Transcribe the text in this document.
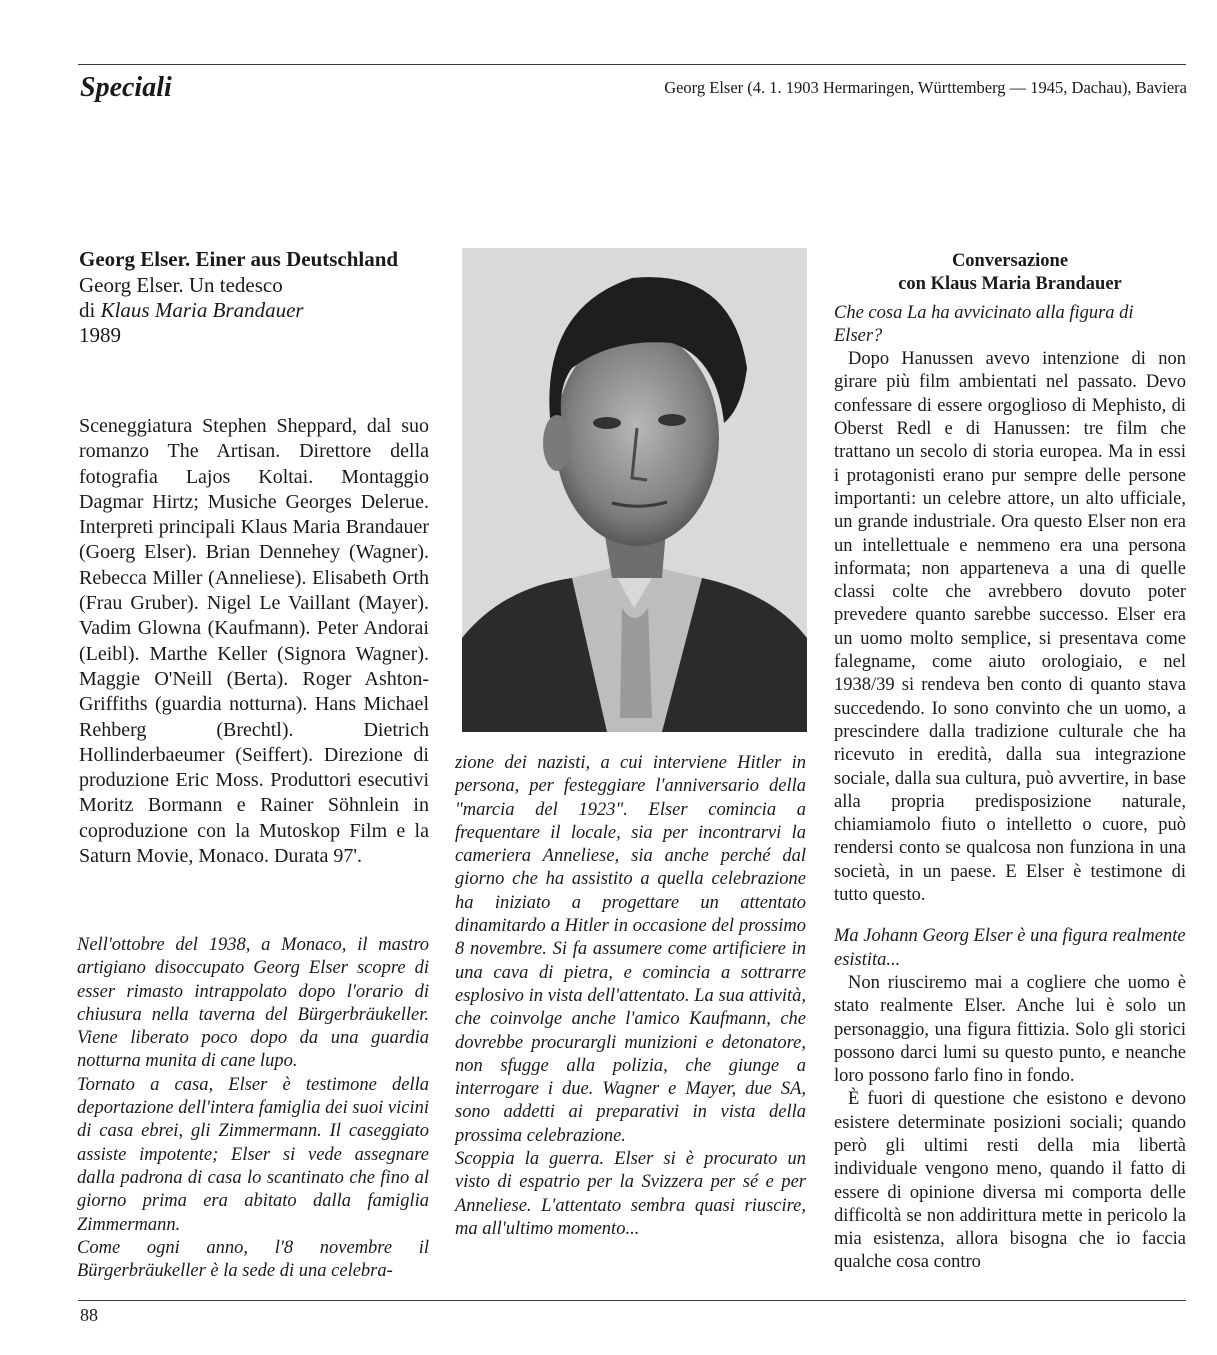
Speciali	Georg Elser (4. 1. 1903 Hermaringen, Württemberg — 1945, Dachau), Baviera

Georg Elser. Einer aus Deutschland

Georg Elser. Un tedesco

di Klaus Maria Brandauer

1989

Sceneggiatura Stephen Sheppard, dal suo romanzo The Artisan. Direttore della fotografia Lajos Koltai. Montaggio Dagmar Hirtz; Musiche Georges Delerue. Interpreti principali Klaus Maria Brandauer (Goerg Elser). Brian Dennehey (Wagner). Rebecca Miller (Anneliese). Elisabeth Orth (Frau Gruber). Nigel Le Vaillant (Mayer). Vadim Glowna (Kaufmann). Peter Andorai (Leibl). Marthe Keller (Signora Wagner). Maggie O'Neill (Berta). Roger Ashton-Griffiths (guardia notturna). Hans Michael Rehberg (Brechtl). Dietrich Hollinderbaeumer (Seiffert). Direzione di produzione Eric Moss. Produttori esecutivi Moritz Bormann e Rainer Söhnlein in coproduzione con la Mutoskop Film e la Saturn Movie, Monaco. Durata 97'.

Nell'ottobre del 1938, a Monaco, il mastro artigiano disoccupato Georg Elser scopre di esser rimasto intrappolato dopo l'orario di chiusura nella taverna del Bürgerbräukeller. Viene liberato poco dopo da una guardia notturna munita di cane lupo.

Tornato a casa, Elser è testimone della deportazione dell'intera famiglia dei suoi vicini di casa ebrei, gli Zimmermann. Il caseggiato assiste impotente; Elser si vede assegnare dalla padrona di casa lo scantinato che fino al giorno prima era abitato dalla famiglia Zimmermann.

Come ogni anno, l'8 novembre il Bürgerbräukeller è la sede di una celebra-

zione dei nazisti, a cui interviene Hitler in persona, per festeggiare l'anniversario della "marcia del 1923". Elser comincia a frequentare il locale, sia per incontrarvi la cameriera Anneliese, sia anche perché dal giorno che ha assistito a quella celebrazione ha iniziato a progettare un attentato dinamitardo a Hitler in occasione del prossimo 8 novembre. Si fa assumere come artificiere in una cava di pietra, e comincia a sottrarre esplosivo in vista dell'attentato. La sua attività, che coinvolge anche l'amico Kaufmann, che dovrebbe procurargli munizioni e detonatore, non sfugge alla polizia, che giunge a interrogare i due. Wagner e Mayer, due SA, sono addetti ai preparativi in vista della prossima celebrazione.

Scoppia la guerra. Elser si è procurato un visto di espatrio per la Svizzera per sé e per Anneliese. L'attentato sembra quasi riuscire, ma all'ultimo momento...

Conversazione
con Klaus Maria Brandauer

Che cosa La ha avvicinato alla figura di Elser?

Dopo Hanussen avevo intenzione di non girare più film ambientati nel passato. Devo confessare di essere orgoglioso di Mephisto, di Oberst Redl e di Hanussen: tre film che trattano un secolo di storia europea. Ma in essi i protagonisti erano pur sempre delle persone importanti: un celebre attore, un alto ufficiale, un grande industriale. Ora questo Elser non era un intellettuale e nemmeno era una persona informata; non apparteneva a una di quelle classi colte che avrebbero dovuto poter prevedere quanto sarebbe successo. Elser era un uomo molto semplice, si presentava come falegname, come aiuto orologiaio, e nel 1938/39 si rendeva ben conto di quanto stava succedendo. Io sono convinto che un uomo, a prescindere dalla tradizione culturale che ha ricevuto in eredità, dalla sua integrazione sociale, dalla sua cultura, può avvertire, in base alla propria predisposizione naturale, chiamiamolo fiuto o intelletto o cuore, può rendersi conto se qualcosa non funziona in una società, in un paese. E Elser è testimone di tutto questo.

Ma Johann Georg Elser è una figura realmente esistita...

Non riusciremo mai a cogliere che uomo è stato realmente Elser. Anche lui è solo un personaggio, una figura fittizia. Solo gli storici possono darci lumi su questo punto, e neanche loro possono farlo fino in fondo.

È fuori di questione che esistono e devono esistere determinate posizioni sociali; quando però gli ultimi resti della mia libertà individuale vengono meno, quando il fatto di essere di opinione diversa mi comporta delle difficoltà se non addirittura mette in pericolo la mia esistenza, allora bisogna che io faccia qualche cosa contro

88
